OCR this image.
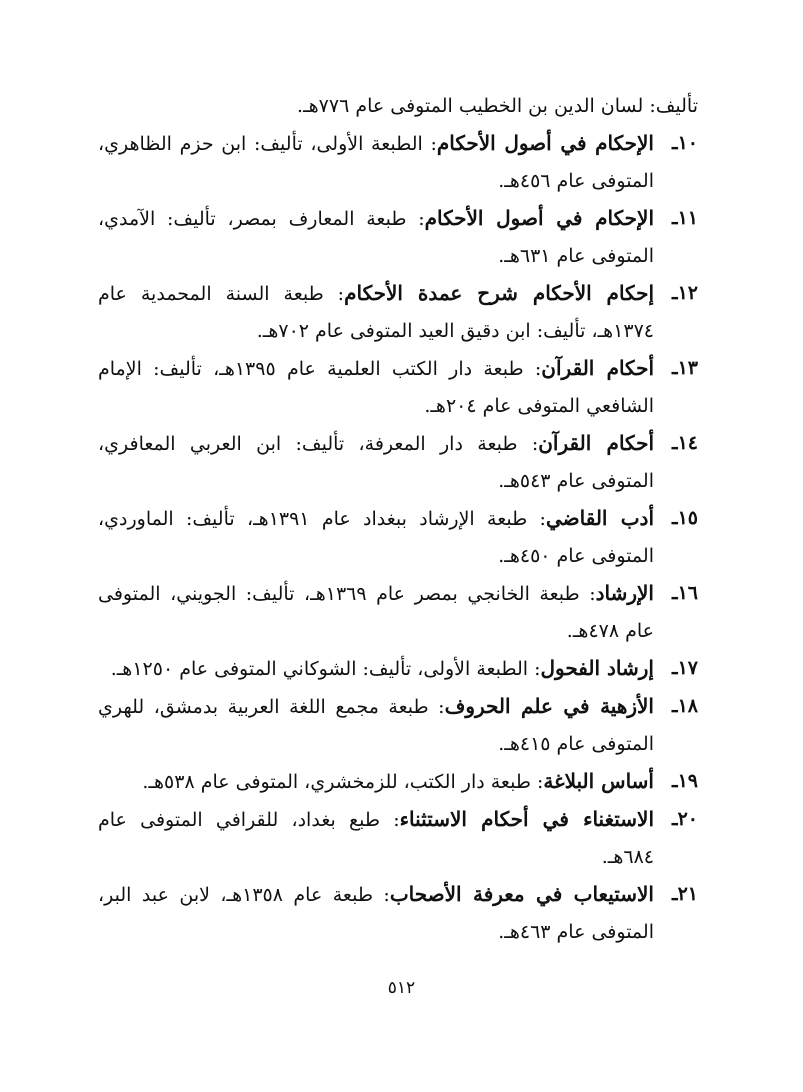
تأليف: لسان الدين بن الخطيب المتوفى عام ٧٧٦هـ.
١٠ـ
الإحكام في أصول الأحكام: الطبعة الأولى، تأليف: ابن حزم الظاهري، المتوفى عام ٤٥٦هـ.
١١ـ
الإحكام في أصول الأحكام: طبعة المعارف بمصر، تأليف: الآمدي، المتوفى عام ٦٣١هـ.
١٢ـ
إحكام الأحكام شرح عمدة الأحكام: طبعة السنة المحمدية عام ١٣٧٤هـ، تأليف: ابن دقيق العيد المتوفى عام ٧٠٢هـ.
١٣ـ
أحكام القرآن: طبعة دار الكتب العلمية عام ١٣٩٥هـ، تأليف: الإمام الشافعي المتوفى عام ٢٠٤هـ.
١٤ـ
أحكام القرآن: طبعة دار المعرفة، تأليف: ابن العربي المعافري، المتوفى عام ٥٤٣هـ.
١٥ـ
أدب القاضي: طبعة الإرشاد ببغداد عام ١٣٩١هـ، تأليف: الماوردي، المتوفى عام ٤٥٠هـ.
١٦ـ
الإرشاد: طبعة الخانجي بمصر عام ١٣٦٩هـ، تأليف: الجويني، المتوفى عام ٤٧٨هـ.
١٧ـ
إرشاد الفحول: الطبعة الأولى، تأليف: الشوكاني المتوفى عام ١٢٥٠هـ.
١٨ـ
الأزهية في علم الحروف: طبعة مجمع اللغة العربية بدمشق، للهري المتوفى عام ٤١٥هـ.
١٩ـ
أساس البلاغة: طبعة دار الكتب، للزمخشري، المتوفى عام ٥٣٨هـ.
٢٠ـ
الاستغناء في أحكام الاستثناء: طبع بغداد، للقرافي المتوفى عام ٦٨٤هـ.
٢١ـ
الاستيعاب في معرفة الأصحاب: طبعة عام ١٣٥٨هـ، لابن عبد البر، المتوفى عام ٤٦٣هـ.
٥١٢
